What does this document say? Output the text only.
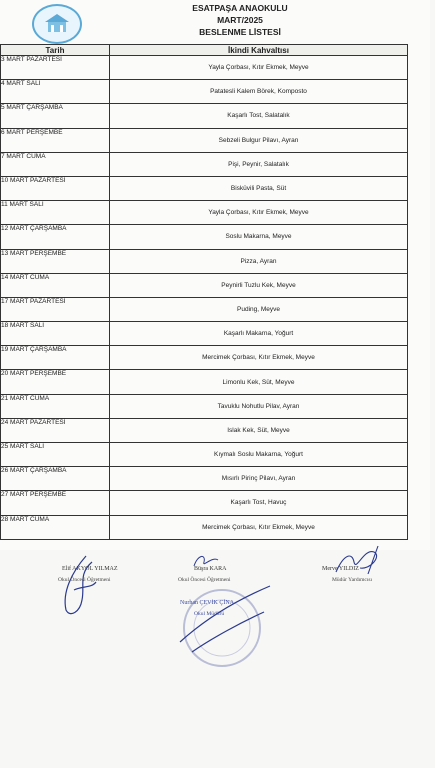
ESATPAŞA ANAOKULU
MART/2025
BESLENME LİSTESİ
Tarih	İkindi Kahvaltısı
3 MART PAZARTESİ	Yayla Çorbası, Kıtır Ekmek, Meyve
4 MART SALI	Patatesli Kalem Börek, Komposto
5 MART ÇARŞAMBA	Kaşarlı Tost, Salatalık
6 MART PERŞEMBE	Sebzeli Bulgur Pilavı, Ayran
7 MART CUMA	Pişi, Peynir, Salatalık
10 MART PAZARTESİ	Bisküvili Pasta, Süt
11 MART SALI	Yayla Çorbası, Kıtır Ekmek, Meyve
12 MART ÇARŞAMBA	Soslu Makarna, Meyve
13 MART PERŞEMBE	Pizza, Ayran
14 MART CUMA	Peynirli Tuzlu Kek, Meyve
17 MART PAZARTESİ	Puding, Meyve
18 MART SALI	Kaşarlı Makarna, Yoğurt
19 MART ÇARŞAMBA	Mercimek Çorbası, Kıtır Ekmek, Meyve
20 MART PERŞEMBE	Limonlu Kek, Süt, Meyve
21 MART CUMA	Tavuklu Nohutlu Pilav, Ayran
24 MART PAZARTESİ	Islak Kek, Süt, Meyve
25 MART SALI	Kıymalı Soslu Makarna, Yoğurt
26 MART ÇARŞAMBA	Mısırlı Pirinç Pilavı, Ayran
27 MART PERŞEMBE	Kaşarlı Tost, Havuç
28 MART CUMA	Mercimek Çorbası, Kıtır Ekmek, Meyve
Elif AKYOL YILMAZ
Okul Öncesi Öğretmeni
Büşra KARA
Okul Öncesi Öğretmeni
Merve YILDIZ
Müdür Yardımcısı
Nurhan ÇEVİK ÇİNA
Okul Müdürü
